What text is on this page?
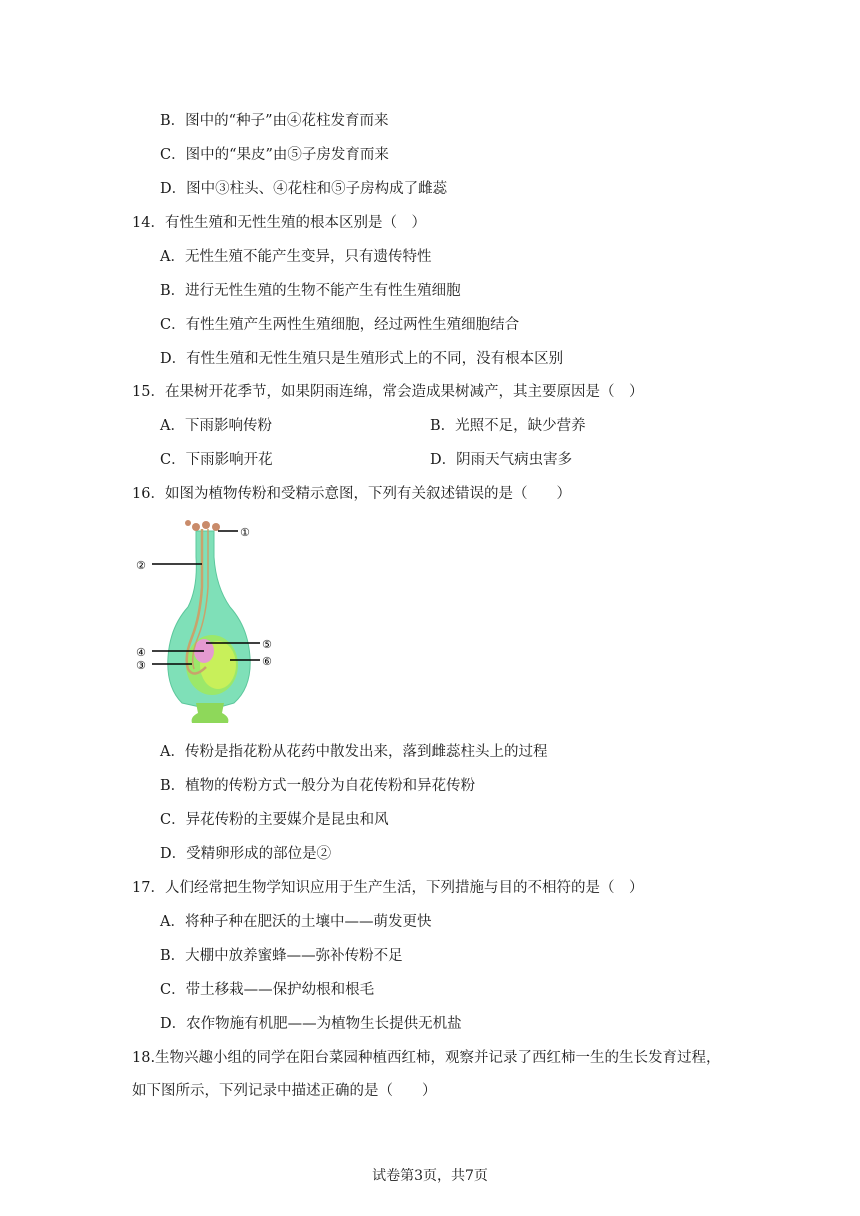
B．图中的“种子”由④花柱发育而来
C．图中的“果皮”由⑤子房发育而来
D．图中③柱头、④花柱和⑤子房构成了雌蕊
14．有性生殖和无性生殖的根本区别是（　）
A．无性生殖不能产生变异，只有遗传特性
B．进行无性生殖的生物不能产生有性生殖细胞
C．有性生殖产生两性生殖细胞，经过两性生殖细胞结合
D．有性生殖和无性生殖只是生殖形式上的不同，没有根本区别
15．在果树开花季节，如果阴雨连绵，常会造成果树减产，其主要原因是（　）
A．下雨影响传粉	B．光照不足，缺少营养
C．下雨影响开花	D．阴雨天气病虫害多
16．如图为植物传粉和受精示意图，下列有关叙述错误的是（　　）
①
②
④
③
⑤
⑥
A．传粉是指花粉从花药中散发出来，落到雌蕊柱头上的过程
B．植物的传粉方式一般分为自花传粉和异花传粉
C．异花传粉的主要媒介是昆虫和风
D．受精卵形成的部位是②
17．人们经常把生物学知识应用于生产生活，下列措施与目的不相符的是（　）
A．将种子种在肥沃的土壤中——萌发更快
B．大棚中放养蜜蜂——弥补传粉不足
C．带土移栽——保护幼根和根毛
D．农作物施有机肥——为植物生长提供无机盐
18.生物兴趣小组的同学在阳台菜园种植西红柿，观察并记录了西红柿一生的生长发育过程，
如下图所示，下列记录中描述正确的是（　　）
试卷第3页，共7页
